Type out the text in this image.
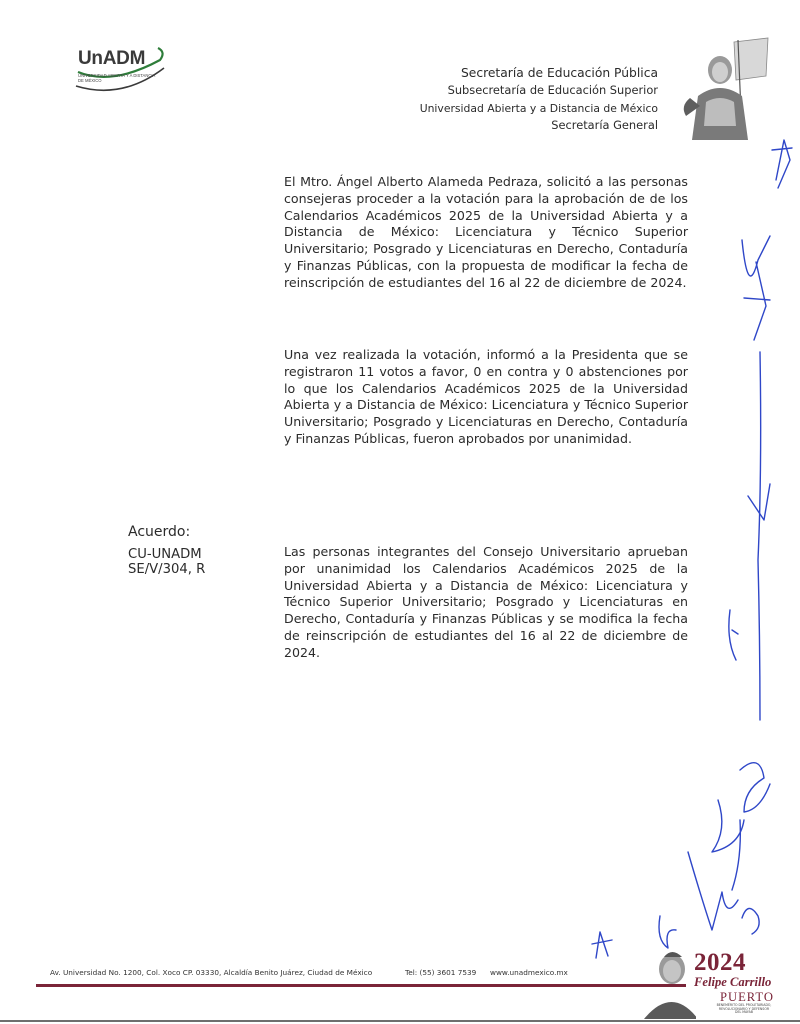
UnADM
UNIVERSIDAD ABIERTA Y A DISTANCIA DE MÉXICO
Secretaría de Educación Pública
Subsecretaría de Educación Superior
Universidad Abierta y a Distancia de México
Secretaría General
El Mtro. Ángel Alberto Alameda Pedraza, solicitó a las personas consejeras proceder a la votación para la aprobación de de los Calendarios Académicos 2025 de la Universidad Abierta y a Distancia de México: Licenciatura y Técnico Superior Universitario; Posgrado y Licenciaturas en Derecho, Contaduría y Finanzas Públicas, con la propuesta de modificar la fecha de reinscripción de estudiantes del 16 al 22 de diciembre de 2024.
Una vez realizada la votación, informó a la Presidenta que se registraron 11 votos a favor, 0 en contra y 0 abstenciones por lo que los Calendarios Académicos 2025 de la Universidad Abierta y a Distancia de México: Licenciatura y Técnico Superior Universitario; Posgrado y Licenciaturas en Derecho, Contaduría y Finanzas Públicas, fueron aprobados por unanimidad.
Acuerdo:
CU-UNADM SE/V/304, R
Las personas integrantes del Consejo Universitario aprueban por unanimidad los Calendarios Académicos 2025 de la Universidad Abierta y a Distancia de México: Licenciatura y Técnico Superior Universitario; Posgrado y Licenciaturas en Derecho, Contaduría y Finanzas Públicas y se modifica la fecha de reinscripción de estudiantes del 16 al 22 de diciembre de 2024.
Av. Universidad No. 1200, Col. Xoco CP. 03330, Alcaldía Benito Juárez, Ciudad de México	Tel: (55) 3601 7539 www.unadmexico.mx	2024
Felipe Carrillo
PUERTO
BENEMÉRITO DEL PROLETARIADO, REVOLUCIONARIO Y DEFENSOR DEL MAYAB
